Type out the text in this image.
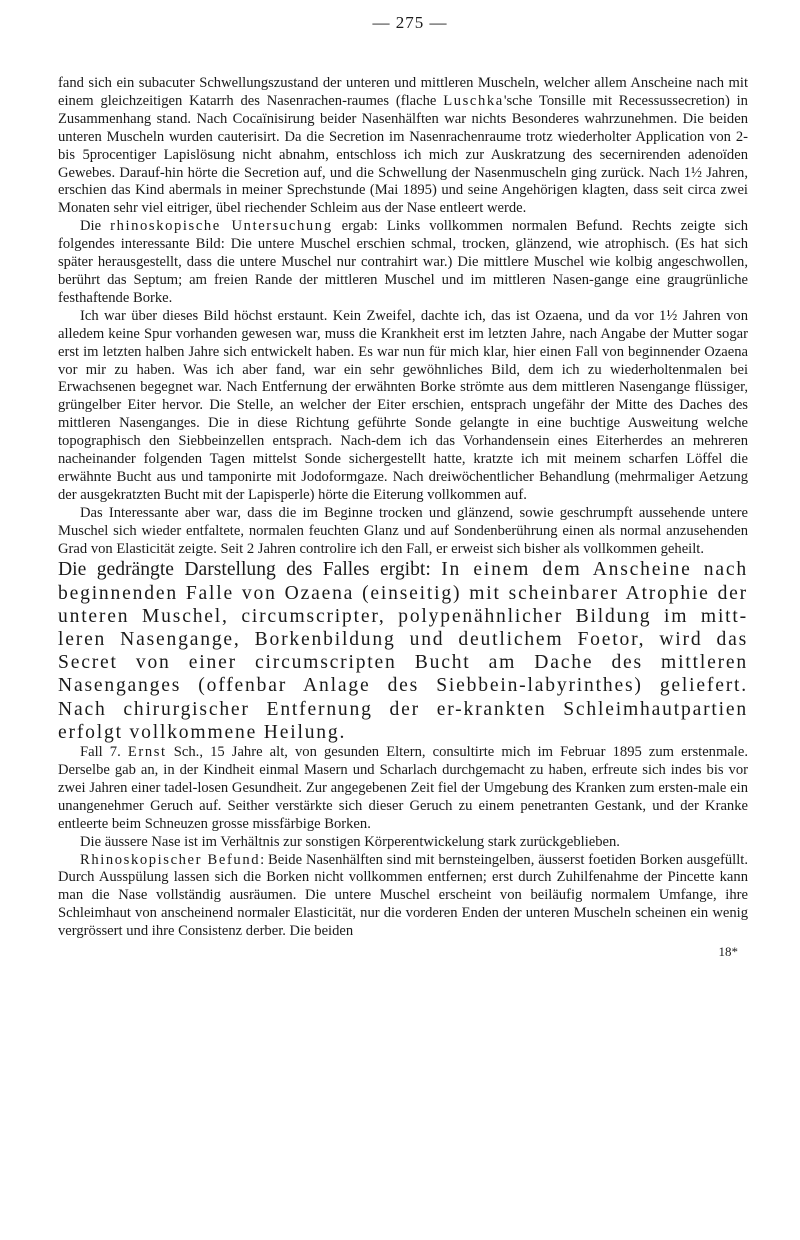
— 275 —

fand sich ein subacuter Schwellungszustand der unteren und mittleren Muscheln, welcher allem Anscheine nach mit einem gleichzeitigen Katarrh des Nasenrachen-raumes (flache Luschka'sche Tonsille mit Recessussecretion) in Zusammenhang stand. Nach Cocaïnisirung beider Nasenhälften war nichts Besonderes wahrzunehmen. Die beiden unteren Muscheln wurden cauterisirt. Da die Secretion im Nasenrachenraume trotz wiederholter Application von 2- bis 5procentiger Lapislösung nicht abnahm, entschloss ich mich zur Auskratzung des secernirenden adenoïden Gewebes. Darauf-hin hörte die Secretion auf, und die Schwellung der Nasenmuscheln ging zurück. Nach 1½ Jahren, erschien das Kind abermals in meiner Sprechstunde (Mai 1895) und seine Angehörigen klagten, dass seit circa zwei Monaten sehr viel eitriger, übel riechender Schleim aus der Nase entleert werde.

Die rhinoskopische Untersuchung ergab: Links vollkommen normalen Befund. Rechts zeigte sich folgendes interessante Bild: Die untere Muschel erschien schmal, trocken, glänzend, wie atrophisch. (Es hat sich später herausgestellt, dass die untere Muschel nur contrahirt war.) Die mittlere Muschel wie kolbig angeschwollen, berührt das Septum; am freien Rande der mittleren Muschel und im mittleren Nasen-gange eine graugrünliche festhaftende Borke.

Ich war über dieses Bild höchst erstaunt. Kein Zweifel, dachte ich, das ist Ozaena, und da vor 1½ Jahren von alledem keine Spur vorhanden gewesen war, muss die Krankheit erst im letzten Jahre, nach Angabe der Mutter sogar erst im letzten halben Jahre sich entwickelt haben. Es war nun für mich klar, hier einen Fall von beginnender Ozaena vor mir zu haben. Was ich aber fand, war ein sehr gewöhnliches Bild, dem ich zu wiederholtenmalen bei Erwachsenen begegnet war. Nach Entfernung der erwähnten Borke strömte aus dem mittleren Nasengange flüssiger, grüngelber Eiter hervor. Die Stelle, an welcher der Eiter erschien, entsprach ungefähr der Mitte des Daches des mittleren Nasenganges. Die in diese Richtung geführte Sonde gelangte in eine buchtige Ausweitung welche topographisch den Siebbeinzellen entsprach. Nach-dem ich das Vorhandensein eines Eiterherdes an mehreren nacheinander folgenden Tagen mittelst Sonde sichergestellt hatte, kratzte ich mit meinem scharfen Löffel die erwähnte Bucht aus und tamponirte mit Jodoformgaze. Nach dreiwöchentlicher Behandlung (mehrmaliger Aetzung der ausgekratzten Bucht mit der Lapisperle) hörte die Eiterung vollkommen auf.

Das Interessante aber war, dass die im Beginne trocken und glänzend, sowie geschrumpft aussehende untere Muschel sich wieder entfaltete, normalen feuchten Glanz und auf Sondenberührung einen als normal anzusehenden Grad von Elasticität zeigte. Seit 2 Jahren controlire ich den Fall, er erweist sich bisher als vollkommen geheilt.

Die gedrängte Darstellung des Falles ergibt: In einem dem Anscheine nach beginnenden Falle von Ozaena (einseitig) mit scheinbarer Atrophie der unteren Muschel, circumscripter, polypenähnlicher Bildung im mitt-leren Nasengange, Borkenbildung und deutlichem Foetor, wird das Secret von einer circumscripten Bucht am Dache des mittleren Nasenganges (offenbar Anlage des Siebbein-labyrinthes) geliefert. Nach chirurgischer Entfernung der er-krankten Schleimhautpartien erfolgt vollkommene Heilung.

Fall 7. Ernst Sch., 15 Jahre alt, von gesunden Eltern, consultirte mich im Februar 1895 zum erstenmale. Derselbe gab an, in der Kindheit einmal Masern und Scharlach durchgemacht zu haben, erfreute sich indes bis vor zwei Jahren einer tadel-losen Gesundheit. Zur angegebenen Zeit fiel der Umgebung des Kranken zum ersten-male ein unangenehmer Geruch auf. Seither verstärkte sich dieser Geruch zu einem penetranten Gestank, und der Kranke entleerte beim Schneuzen grosse missfärbige Borken.

Die äussere Nase ist im Verhältnis zur sonstigen Körperentwickelung stark zurückgeblieben.

Rhinoskopischer Befund: Beide Nasenhälften sind mit bernsteingelben, äusserst foetiden Borken ausgefüllt. Durch Ausspülung lassen sich die Borken nicht vollkommen entfernen; erst durch Zuhilfenahme der Pincette kann man die Nase vollständig ausräumen. Die untere Muschel erscheint von beiläufig normalem Umfange, ihre Schleimhaut von anscheinend normaler Elasticität, nur die vorderen Enden der unteren Muscheln scheinen ein wenig vergrössert und ihre Consistenz derber. Die beiden

18*
